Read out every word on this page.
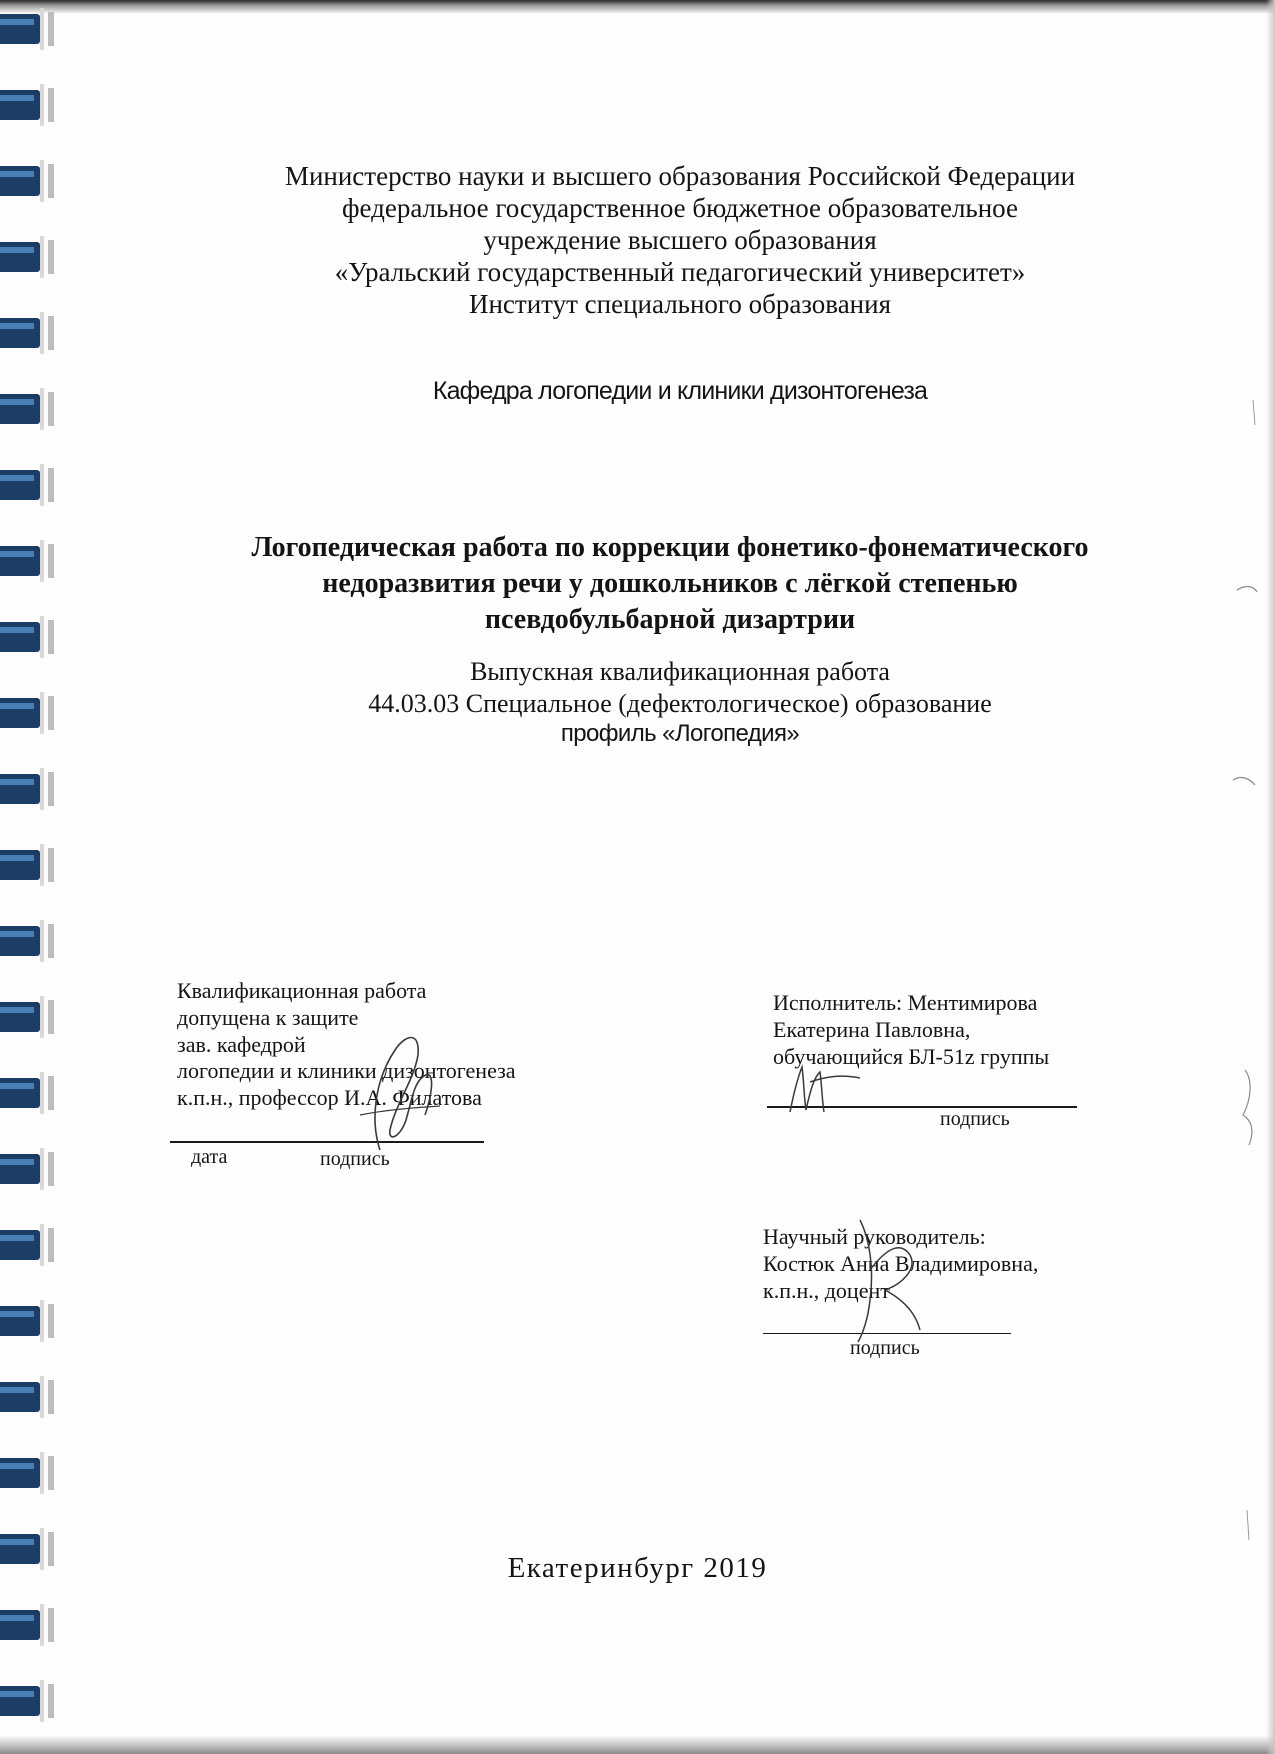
Министерство науки и высшего образования Российской Федерации
федеральное государственное бюджетное образовательное
учреждение высшего образования
«Уральский государственный педагогический университет»
Институт специального образования
Кафедра логопедии и клиники дизонтогенеза
Логопедическая работа по коррекции фонетико-фонематического
недоразвития речи у дошкольников с лёгкой степенью
псевдобульбарной дизартрии
Выпускная квалификационная работа
44.03.03 Специальное (дефектологическое) образование
профиль «Логопедия»
Квалификационная работа
допущена к защите
зав. кафедрой
логопедии и клиники дизонтогенеза
к.п.н., профессор И.А. Филатова
дата	подпись
Исполнитель: Ментимирова
Екатерина Павловна,
обучающийся БЛ-51z группы
подпись
Научный руководитель:
Костюк Анна Владимировна,
к.п.н., доцент
подпись
Екатеринбург 2019
